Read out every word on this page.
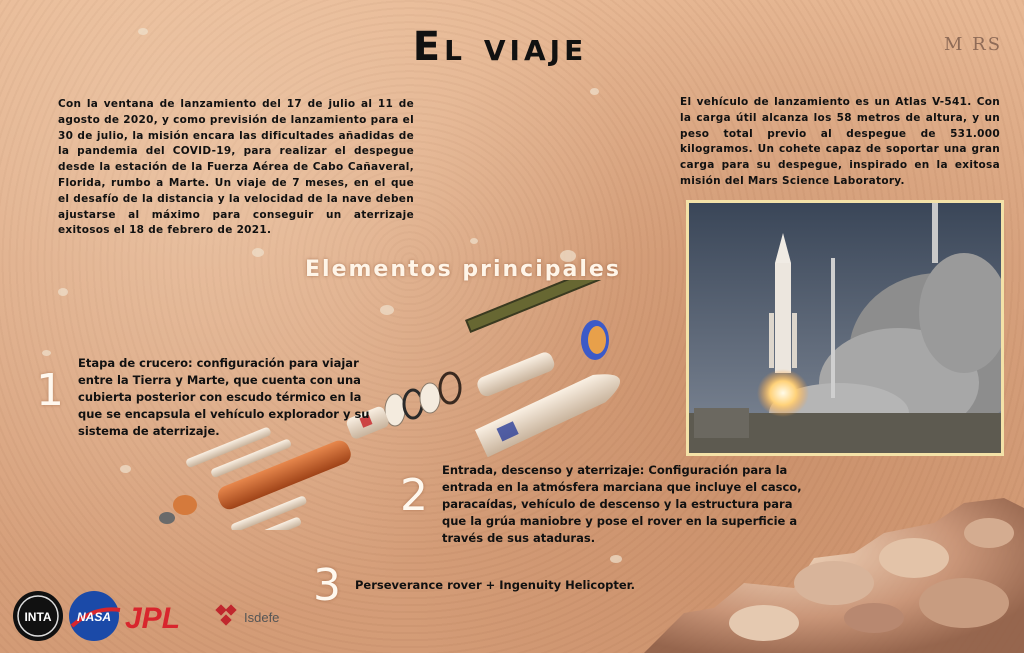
El viaje	M RS

Con la ventana de lanzamiento del 17 de julio al 11 de agosto de 2020, y como previsión de lanzamiento para el 30 de julio, la misión encara las dificultades añadidas de la pandemia del COVID-19, para realizar el despegue desde la estación de la Fuerza Aérea de Cabo Cañaveral, Florida, rumbo a Marte. Un viaje de 7 meses, en el que el desafío de la distancia y la velocidad de la nave deben ajustarse al máximo para conseguir un aterrizaje exitosos el 18 de febrero de 2021.

El vehículo de lanzamiento es un Atlas V-541. Con la carga útil alcanza los 58 metros de altura, y un peso total previo al despegue de 531.000 kilogramos. Un cohete capaz de soportar una gran carga para su despegue, inspirado en la exitosa misión del Mars Science Laboratory.

Elementos principales
1

Etapa de crucero: configuración para viajar entre la Tierra y Marte, que cuenta con una cubierta posterior con escudo térmico en la que se encapsula el vehículo explorador y su sistema de aterrizaje.

2 Entrada, descenso y aterrizaje: Configuración para la entrada en la atmósfera marciana que incluye el casco, paracaídas, vehículo de descenso y la estructura para que la grúa maniobre y pose el rover en la superficie a través de sus ataduras.

3 Perseverance rover + Ingenuity Helicopter.

INTA NASA JPL	Isdefe
